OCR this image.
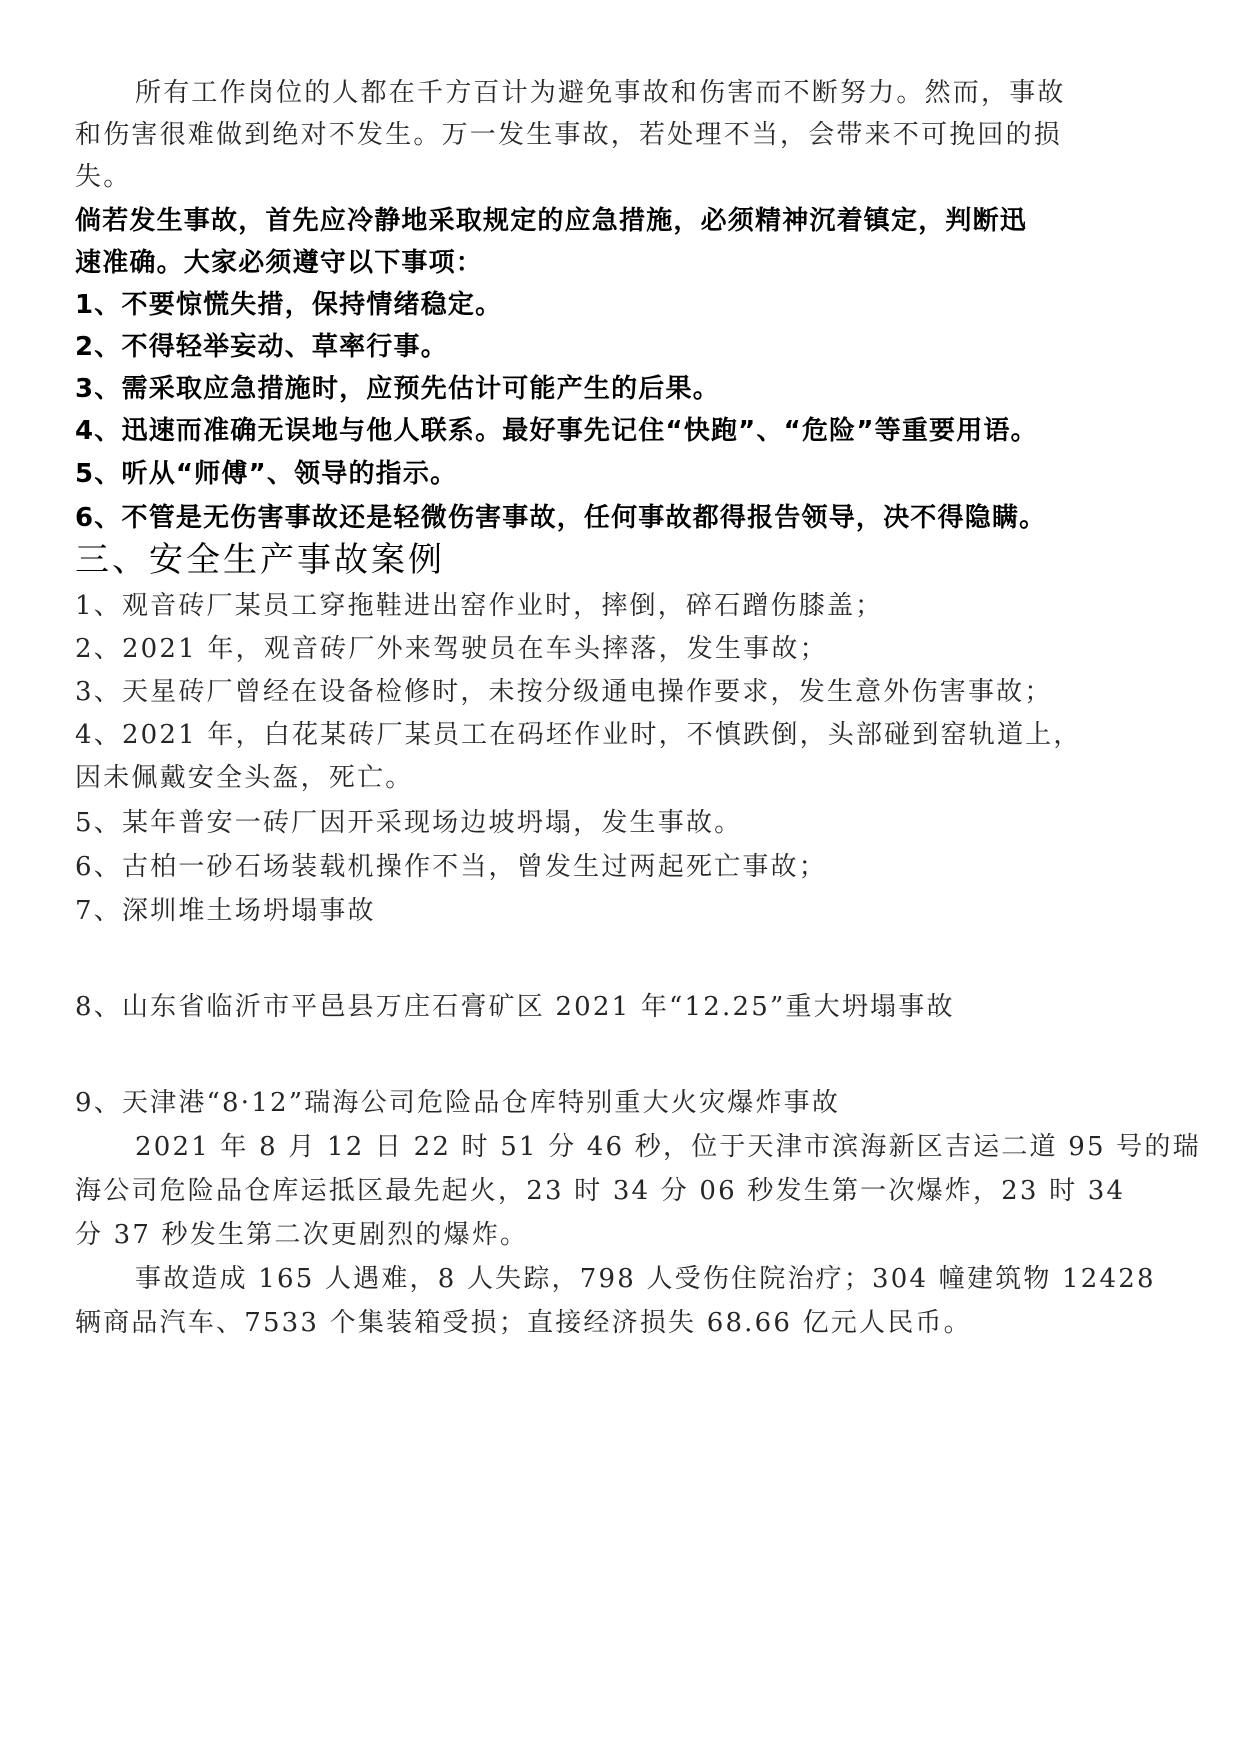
所有工作岗位的人都在千方百计为避免事故和伤害而不断努力。然而，事故
和伤害很难做到绝对不发生。万一发生事故，若处理不当，会带来不可挽回的损
失。
倘若发生事故，首先应冷静地采取规定的应急措施，必须精神沉着镇定，判断迅
速准确。大家必须遵守以下事项：
1、不要惊慌失措，保持情绪稳定。
2、不得轻举妄动、草率行事。
3、需采取应急措施时，应预先估计可能产生的后果。
4、迅速而准确无误地与他人联系。最好事先记住“快跑”、“危险”等重要用语。
5、听从“师傅”、领导的指示。
6、不管是无伤害事故还是轻微伤害事故，任何事故都得报告领导，决不得隐瞒。
三、安全生产事故案例
1、观音砖厂某员工穿拖鞋进出窑作业时，摔倒，碎石蹭伤膝盖；
2、2021 年，观音砖厂外来驾驶员在车头摔落，发生事故；
3、天星砖厂曾经在设备检修时，未按分级通电操作要求，发生意外伤害事故；
4、2021 年，白花某砖厂某员工在码坯作业时，不慎跌倒，头部碰到窑轨道上，
因未佩戴安全头盔，死亡。
5、某年普安一砖厂因开采现场边坡坍塌，发生事故。
6、古柏一砂石场装载机操作不当，曾发生过两起死亡事故；
7、深圳堆土场坍塌事故
8、山东省临沂市平邑县万庄石膏矿区 2021 年“12.25”重大坍塌事故
9、天津港“8·12”瑞海公司危险品仓库特别重大火灾爆炸事故
2021 年 8 月 12 日 22 时 51 分 46 秒，位于天津市滨海新区吉运二道 95 号的瑞
海公司危险品仓库运抵区最先起火，23 时 34 分 06 秒发生第一次爆炸，23 时 34
分 37 秒发生第二次更剧烈的爆炸。
事故造成 165 人遇难，8 人失踪，798 人受伤住院治疗；304 幢建筑物 12428
辆商品汽车、7533 个集装箱受损；直接经济损失 68.66 亿元人民币。
